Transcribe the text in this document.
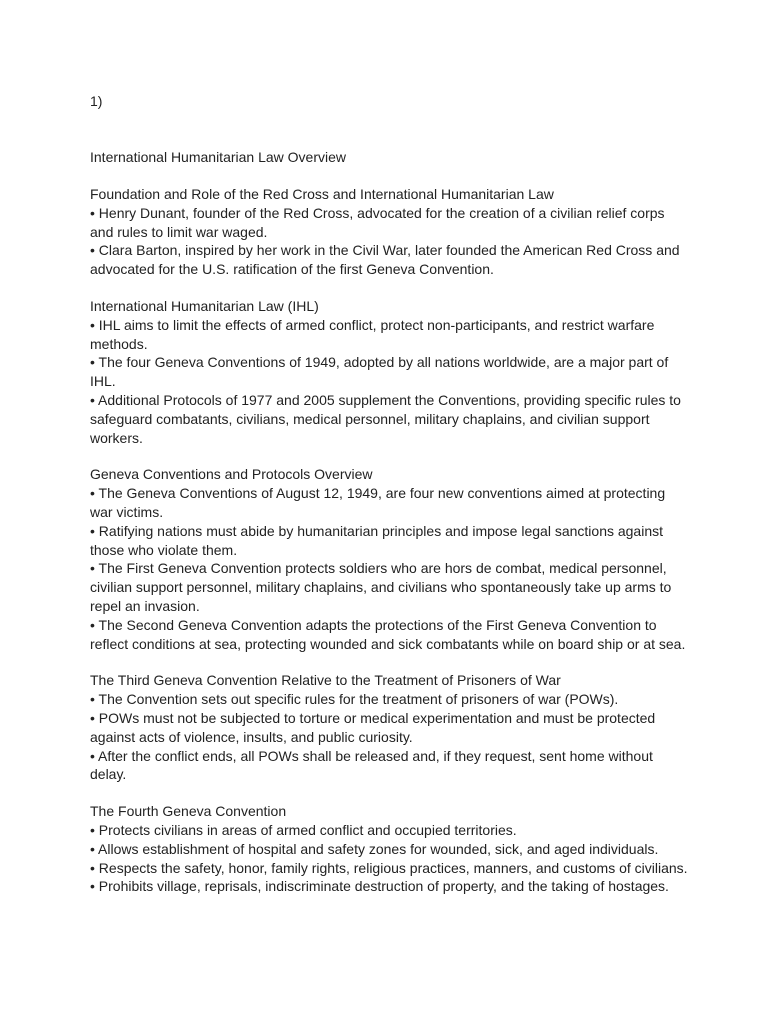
1)
International Humanitarian Law Overview
Foundation and Role of the Red Cross and International Humanitarian Law

• Henry Dunant, founder of the Red Cross, advocated for the creation of a civilian relief corps and rules to limit war waged.

• Clara Barton, inspired by her work in the Civil War, later founded the American Red Cross and advocated for the U.S. ratification of the first Geneva Convention.

International Humanitarian Law (IHL)

• IHL aims to limit the effects of armed conflict, protect non-participants, and restrict warfare methods.

• The four Geneva Conventions of 1949, adopted by all nations worldwide, are a major part of IHL.

• Additional Protocols of 1977 and 2005 supplement the Conventions, providing specific rules to safeguard combatants, civilians, medical personnel, military chaplains, and civilian support workers.

Geneva Conventions and Protocols Overview

• The Geneva Conventions of August 12, 1949, are four new conventions aimed at protecting war victims.

• Ratifying nations must abide by humanitarian principles and impose legal sanctions against those who violate them.

• The First Geneva Convention protects soldiers who are hors de combat, medical personnel, civilian support personnel, military chaplains, and civilians who spontaneously take up arms to repel an invasion.

• The Second Geneva Convention adapts the protections of the First Geneva Convention to reflect conditions at sea, protecting wounded and sick combatants while on board ship or at sea.

The Third Geneva Convention Relative to the Treatment of Prisoners of War

• The Convention sets out specific rules for the treatment of prisoners of war (POWs).

• POWs must not be subjected to torture or medical experimentation and must be protected against acts of violence, insults, and public curiosity.

• After the conflict ends, all POWs shall be released and, if they request, sent home without delay.

The Fourth Geneva Convention

• Protects civilians in areas of armed conflict and occupied territories.

• Allows establishment of hospital and safety zones for wounded, sick, and aged individuals.

• Respects the safety, honor, family rights, religious practices, manners, and customs of civilians.

• Prohibits village, reprisals, indiscriminate destruction of property, and the taking of hostages.
